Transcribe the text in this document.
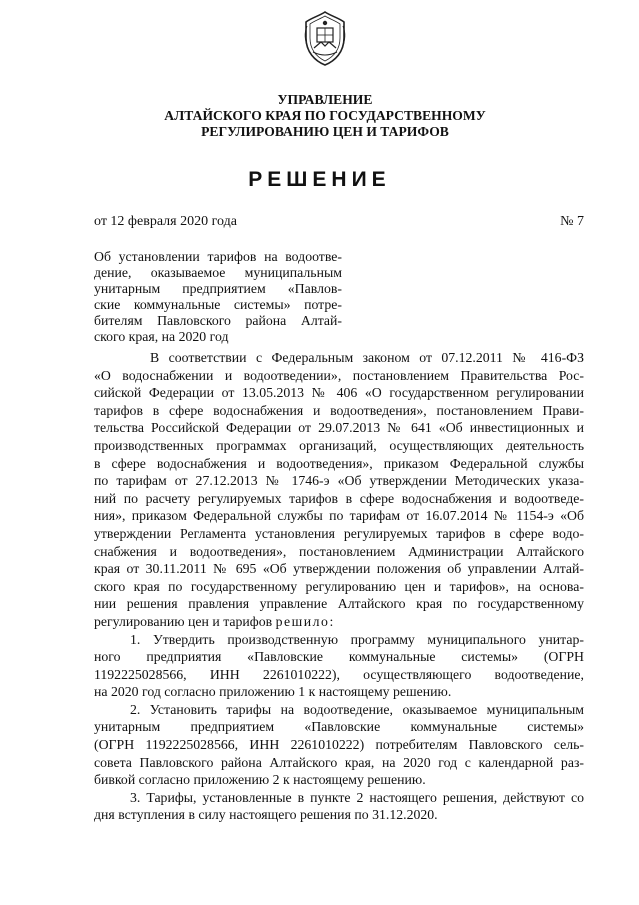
УПРАВЛЕНИЕ
АЛТАЙСКОГО КРАЯ ПО ГОСУДАРСТВЕННОМУ
РЕГУЛИРОВАНИЮ ЦЕН И ТАРИФОВ
РЕШЕНИЕ
от 12 февраля 2020 года	№ 7
Об установлении тарифов на водоотве-
дение, оказываемое муниципальным
унитарным предприятием «Павлов-
ские коммунальные системы» потре-
бителям Павловского района Алтай-
ского края, на 2020 год
В соответствии с Федеральным законом от 07.12.2011 № 416-ФЗ
«О водоснабжении и водоотведении», постановлением Правительства Рос-
сийской Федерации от 13.05.2013 № 406 «О государственном регулировании
тарифов в сфере водоснабжения и водоотведения», постановлением Прави-
тельства Российской Федерации от 29.07.2013 № 641 «Об инвестиционных и
производственных программах организаций, осуществляющих деятельность
в сфере водоснабжения и водоотведения», приказом Федеральной службы
по тарифам от 27.12.2013 № 1746-э «Об утверждении Методических указа-
ний по расчету регулируемых тарифов в сфере водоснабжения и водоотведе-
ния», приказом Федеральной службы по тарифам от 16.07.2014 № 1154-э «Об
утверждении Регламента установления регулируемых тарифов в сфере водо-
снабжения и водоотведения», постановлением Администрации Алтайского
края от 30.11.2011 № 695 «Об утверждении положения об управлении Алтай-
ского края по государственному регулированию цен и тарифов», на основа-
нии решения правления управление Алтайского края по государственному
регулированию цен и тарифов решило:
1. Утвердить производственную программу муниципального унитар-
ного предприятия «Павловские коммунальные системы» (ОГРН
1192225028566, ИНН 2261010222), осуществляющего водоотведение,
на 2020 год согласно приложению 1 к настоящему решению.
2. Установить тарифы на водоотведение, оказываемое муниципальным
унитарным предприятием «Павловские коммунальные системы»
(ОГРН 1192225028566, ИНН 2261010222) потребителям Павловского сель-
совета Павловского района Алтайского края, на 2020 год с календарной раз-
бивкой согласно приложению 2 к настоящему решению.
3. Тарифы, установленные в пункте 2 настоящего решения, действуют со
дня вступления в силу настоящего решения по 31.12.2020.
